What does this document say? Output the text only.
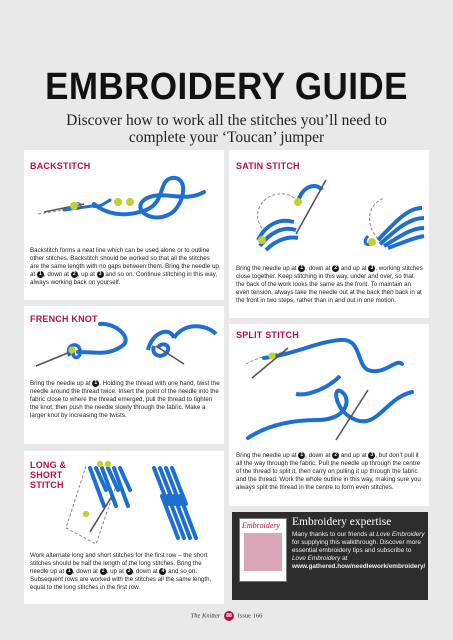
EMBROIDERY GUIDE

Discover how to work all the stitches you’ll need to complete your ‘Toucan’ jumper

BACKSTITCH
Backstitch forms a neat line which can be used alone or to outline other stitches. Backstitch should be worked so that all the stitches are the same length with no gaps between them. Bring the needle up at 1 , down at 2 , up at 3 and so on. Continue stitching in this way, always working back on yourself.
SATIN STITCH
Bring the needle up at 1 , down at 2 and up at 3 , working stitches close together. Keep stitching in this way, under and over, so that the back of the work looks the same as the front. To maintain an even tension, always take the needle out at the back then back in at the front in two steps, rather than in and out in one motion.
FRENCH KNOT
Bring the needle up at 1 . Holding the thread with one hand, twist the needle around the thread twice. Insert the point of the needle into the fabric close to where the thread emerged, pull the thread to tighten the knot, then push the needle slowly through the fabric. Make a larger knot by increasing the twists.
SPLIT STITCH
Bring the needle up at 1 , down at 2 and up at 3 , but don’t pull it all the way through the fabric. Pull the needle up through the centre of the thread to split it, then carry on pulling it up through the fabric and the thread. Work the whole outline in this way, making sure you always split the thread in the centre to form even stitches.
LONG &
SHORT
STITCH
Work alternate long and short stitches for the first row – the short stitches should be half the length of the long stitches. Bring the needle up at 1 , down at 2 , up at 3 , down at 4 and so on. Subsequent rows are worked with the stitches all the same length, equal to the long stitches in the first row.
Embroidery	Embroidery expertise
Many thanks to our friends at Love Embroidery for supplying this walkthrough. Discover more essential embroidery tips and subscribe to Love Embroidery at www.gathered.how/needlework/embroidery/
The Knitter 88 Issue 166
